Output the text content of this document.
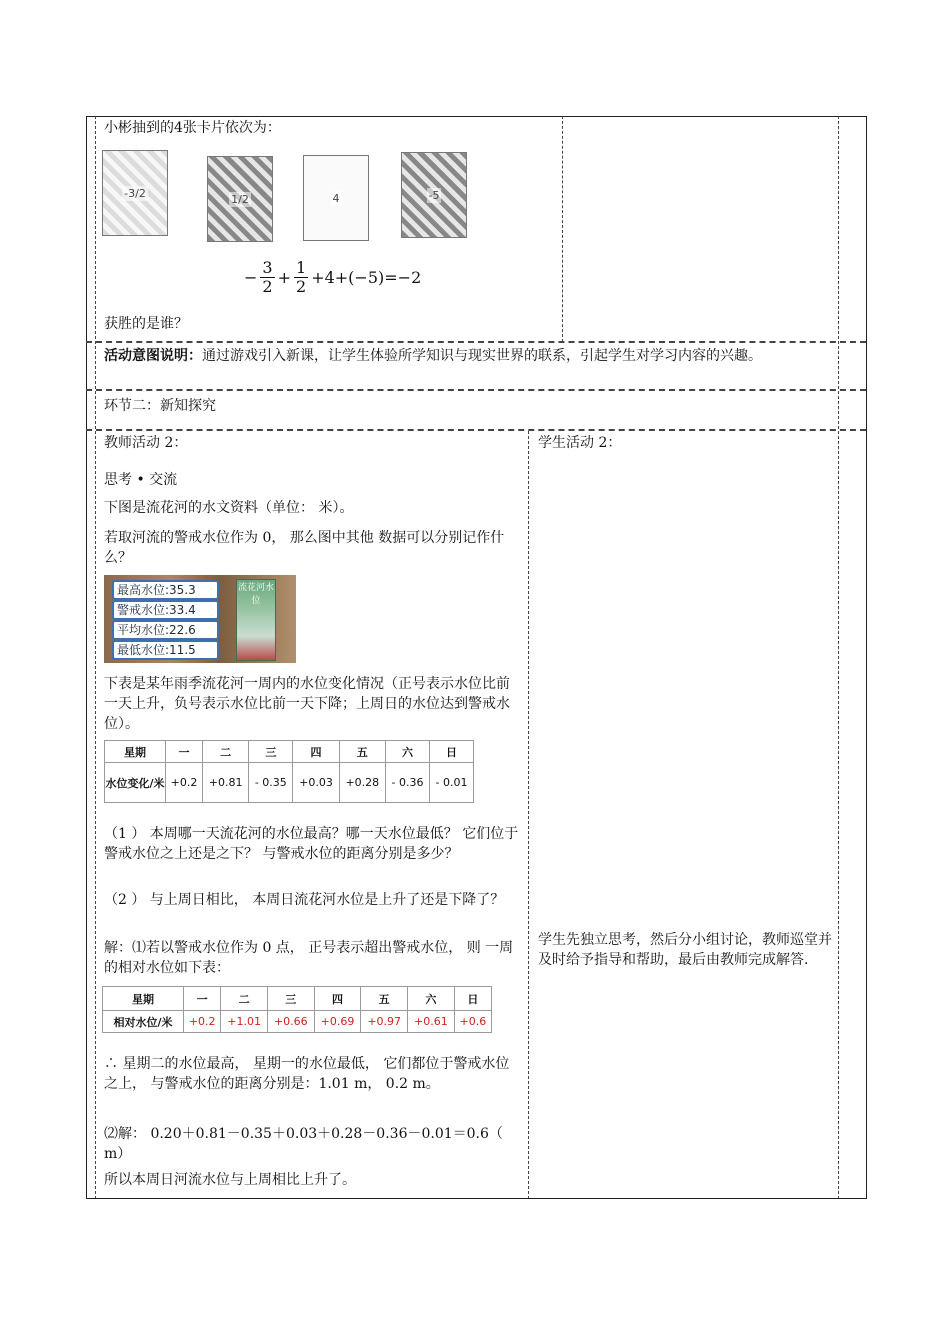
小彬抽到的4张卡片依次为：
-3/2	1/2	4	-5
− $\frac{3}{2} + \frac{1}{2} +4+(-5)=-2$
获胜的是谁？
活动意图说明：通过游戏引入新课，让学生体验所学知识与现实世界的联系，引起学生对学习内容的兴趣。
环节二：新知探究
教师活动 2：
思考 • 交流
下图是流花河的水文资料（单位： 米）。
若取河流的警戒水位作为 0， 那么图中其他 数据可以分别记作什么？
最高水位:35.3
警戒水位:33.4
平均水位:22.6
最低水位:11.5
流花河水位
下表是某年雨季流花河一周内的水位变化情况（正号表示水位比前一天上升，负号表示水位比前一天下降；上周日的水位达到警戒水位）。
星期	一	二	三	四	五	六	日
水位变化/米	+0.2	+0.81	- 0.35	+0.03	+0.28	- 0.36	- 0.01
（1 ） 本周哪一天流花河的水位最高？哪一天水位最低？ 它们位于警戒水位之上还是之下？ 与警戒水位的距离分别是多少？
（2 ） 与上周日相比， 本周日流花河水位是上升了还是下降了？
解：⑴若以警戒水位作为 0 点， 正号表示超出警戒水位， 则 一周的相对水位如下表：
星期	一	二	三	四	五	六	日
相对水位/米	+0.2	+1.01	+0.66	+0.69	+0.97	+0.61	+0.6
∴ 星期二的水位最高， 星期一的水位最低， 它们都位于警戒水位之上， 与警戒水位的距离分别是：1.01 m， 0.2 m。
⑵解： 0.20＋0.81－0.35＋0.03＋0.28－0.36－0.01＝0.6（ m）
所以本周日河流水位与上周相比上升了。
学生活动 2：
学生先独立思考，然后分小组讨论，教师巡堂并及时给予指导和帮助，最后由教师完成解答.
